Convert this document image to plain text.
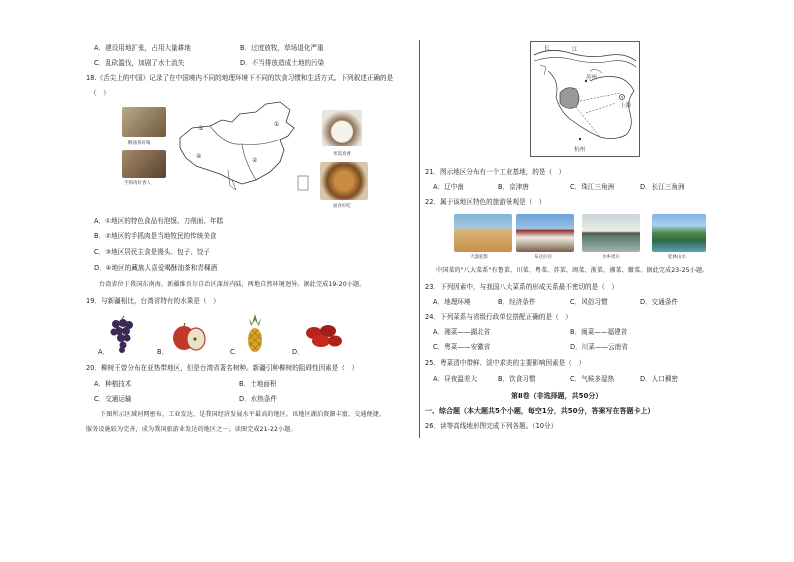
A．建设用地扩张，占用大量耕地	B．过度放牧，草场退化严重
C．乱砍滥伐，加剧了水土流失	D．不当排放造成土地的污染
18.《舌尖上的中国》记录了在中国境内不同的地理环境下不同的饮食习惯和生活方式。下列叙述正确的是
（　）
酥油茶好喝
手抓肉好香人
③
①
④
②
米饭真香
面食好吃
A．①地区的特色食品有泡馍、刀削面、年糕
B．②地区的手抓肉是当地牧民的传统美食
C．③地区居民主食是馒头、包子、饺子
D．④地区的藏族人喜爱喝酥油茶和青稞酒
台湾省位于我国东南海，新疆维吾尔自治区深居内陆，两地自然环境迥异。据此完成19-20小题。
19．与新疆相比，台湾省特有的水果是（　）
A．	B．	C．	D．
20．柳树王曾分布在亚热带地区，但是台湾省著名树种。新疆引种柳树的阻碍性因素是（　）
A．种植技术	B．土地面积
C．交通运输	D．水热条件
下图所示区域河网密布，工业发达，是我国经济发展水平最高的地区。该地区湖泊资源丰富，交通便捷，
服务设施较为完善，成为我国旅游业发达的地区之一。读图完成21-22小题。
长	江
苏州
上海
杭州
21．图示地区分布有一个工业基地，的是（　）
A．辽中南	B．京津唐	C．珠江三角洲	D．长江三角洲
22．属于该地区特色的旅游景观是（　）
大漠驼影	布达拉宫	水乡周庄	桂林山水
中国菜的"八大菜系"有鲁菜、川菜、粤菜、苏菜、闽菜、浙菜、湘菜、徽菜。据此完成23-25小题。
23．下列因素中，与我国八大菜系的形成关系最不密切的是（　）
A．地理环境	B．经济条件	C．风俗习惯	D．交通条件
24．下列菜系与省级行政单位搭配正确的是（　）
A．湘菜——湖北省	B．闽菜——福建省
C．粤菜——安徽省	D．川菜——云南省
25．粤菜清中带鲜、淡中求美的主要影响因素是（　）
A．昼夜温差大	B．饮食习惯	C．气候多湿热	D．人口稠密
第Ⅱ卷（非选择题，共50分）
一、综合题（本大题共5个小题，每空1分，共50分，答案写在答题卡上）
26．读等高线地形图完成下列各题。（10分）
